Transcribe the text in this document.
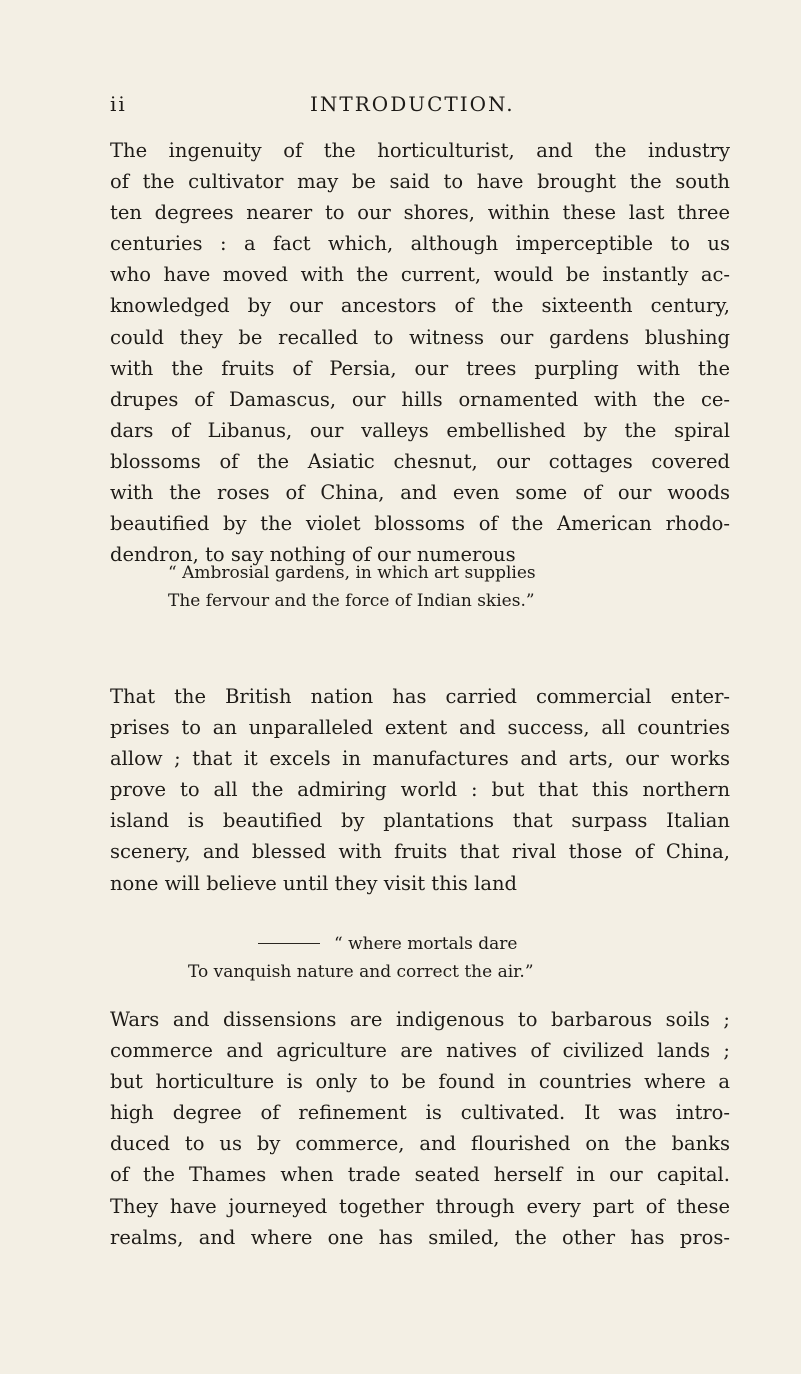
ii	INTRODUCTION.
The ingenuity of the horticulturist, and the industry
of the cultivator may be said to have brought the south
ten degrees nearer to our shores, within these last three
centuries : a fact which, although imperceptible to us
who have moved with the current, would be instantly ac-
knowledged by our ancestors of the sixteenth century,
could they be recalled to witness our gardens blushing
with the fruits of Persia, our trees purpling with the
drupes of Damascus, our hills ornamented with the ce-
dars of Libanus, our valleys embellished by the spiral
blossoms of the Asiatic chesnut, our cottages covered
with the roses of China, and even some of our woods
beautified by the violet blossoms of the American rhodo-
dendron, to say nothing of our numerous
“ Ambrosial gardens, in which art supplies
The fervour and the force of Indian skies.”
That the British nation has carried commercial enter-
prises to an unparalleled extent and success, all countries
allow ; that it excels in manufactures and arts, our works
prove to all the admiring world : but that this northern
island is beautified by plantations that surpass Italian
scenery, and blessed with fruits that rival those of China,
none will believe until they visit this land
“ where mortals dare
To vanquish nature and correct the air.”
Wars and dissensions are indigenous to barbarous soils ;
commerce and agriculture are natives of civilized lands ;
but horticulture is only to be found in countries where a
high degree of refinement is cultivated. It was intro-
duced to us by commerce, and flourished on the banks
of the Thames when trade seated herself in our capital.
They have journeyed together through every part of these
realms, and where one has smiled, the other has pros-
